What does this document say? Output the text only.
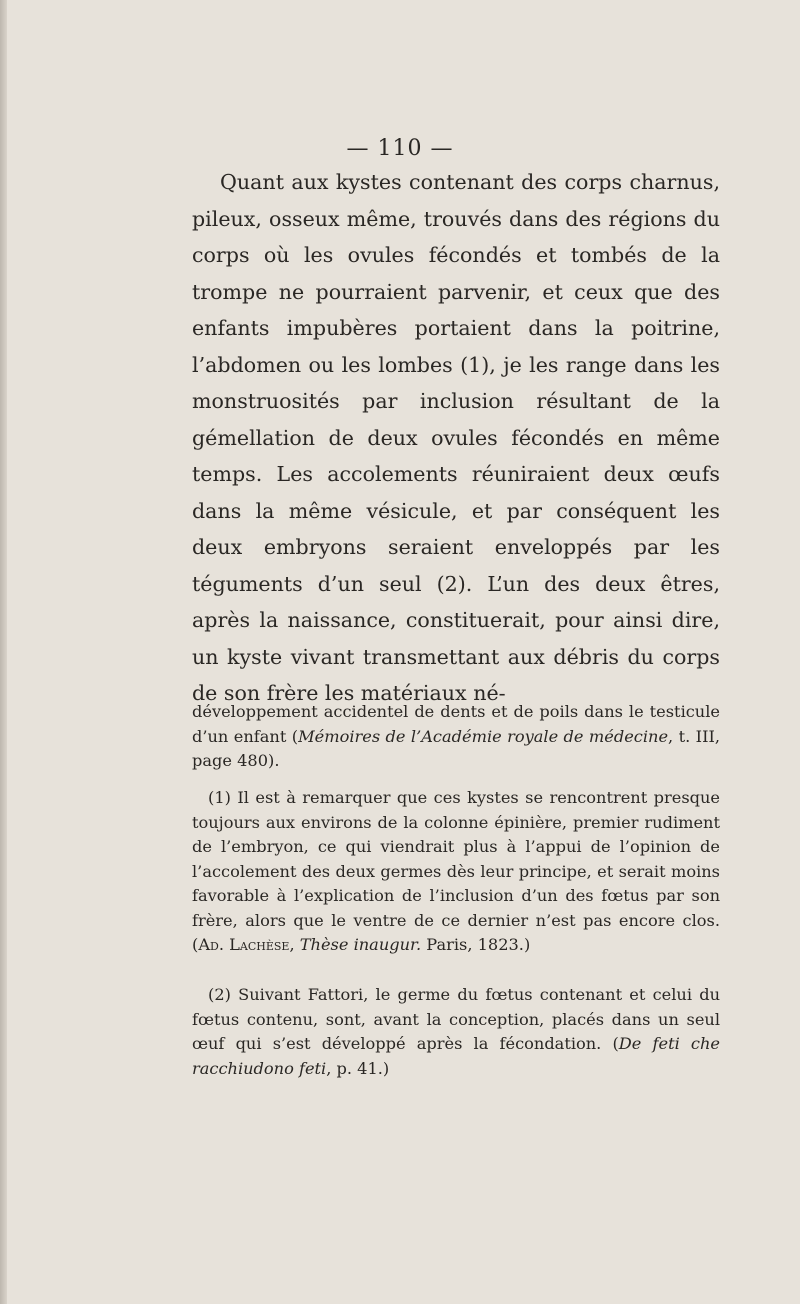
— 110 —

Quant aux kystes contenant des corps charnus, pileux, osseux même, trouvés dans des régions du corps où les ovules fécondés et tombés de la trompe ne pourraient parvenir, et ceux que des enfants impubères portaient dans la poitrine, l’abdomen ou les lombes (1), je les range dans les monstruosités par inclusion résultant de la gémellation de deux ovules fécondés en même temps. Les accolements réuniraient deux œufs dans la même vésicule, et par conséquent les deux embryons seraient enveloppés par les téguments d’un seul (2). L’un des deux êtres, après la naissance, constituerait, pour ainsi dire, un kyste vivant transmettant aux débris du corps de son frère les matériaux né-

développement accidentel de dents et de poils dans le testicule d’un enfant (Mémoires de l’Académie royale de médecine, t. III, page 480).

(1) Il est à remarquer que ces kystes se rencontrent presque toujours aux environs de la colonne épinière, premier rudiment de l’embryon, ce qui viendrait plus à l’appui de l’opinion de l’accolement des deux germes dès leur principe, et serait moins favorable à l’explication de l’inclusion d’un des fœtus par son frère, alors que le ventre de ce dernier n’est pas encore clos. (Ad. Lachèse, Thèse inaugur. Paris, 1823.)

(2) Suivant Fattori, le germe du fœtus contenant et celui du fœtus contenu, sont, avant la conception, placés dans un seul œuf qui s’est développé après la fécondation. (De feti che racchiudono feti, p. 41.)
